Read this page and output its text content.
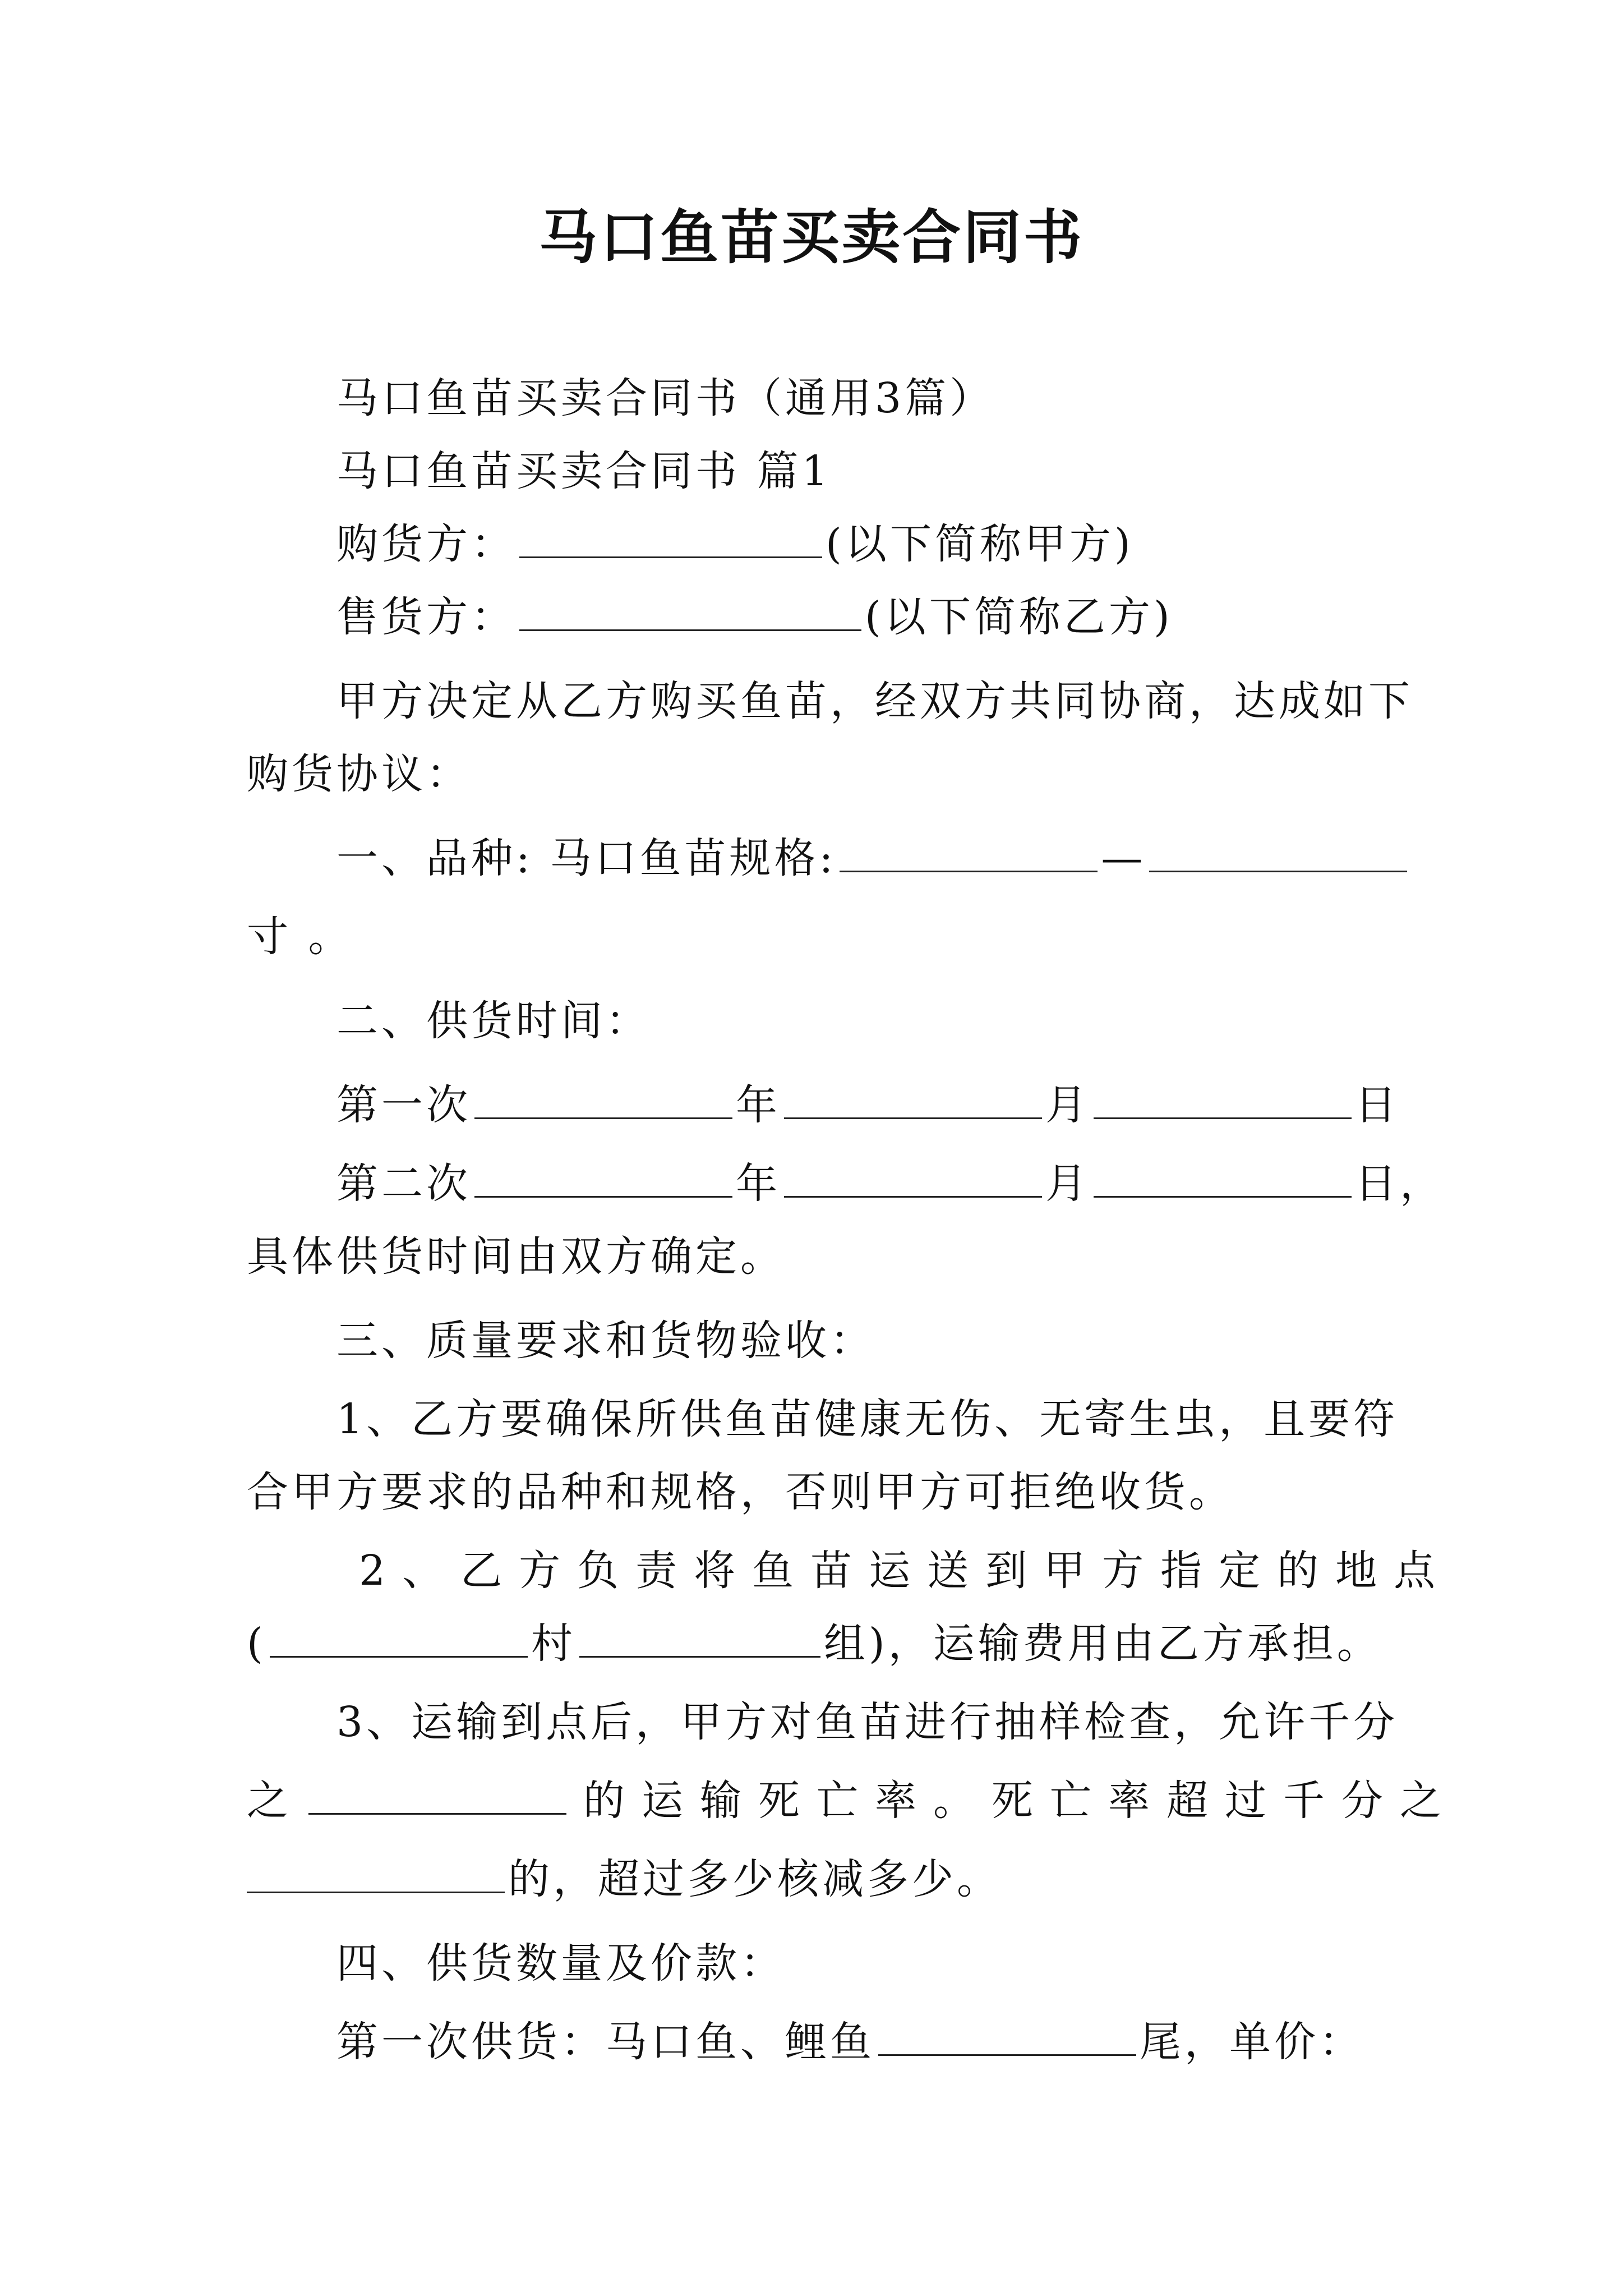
马口鱼苗买卖合同书
马口鱼苗买卖合同书（通用3篇）
马口鱼苗买卖合同书 篇1
购货方：	(以下简称甲方)
售货方：	(以下简称乙方)
甲方决定从乙方购买鱼苗，经双方共同协商，达成如下
购货协议：
一、品种: 马口鱼苗规格:	—
寸 。
二、供货时间：
第一次	年	月	日
第二次	年	月	日，
具体供货时间由双方确定。
三、质量要求和货物验收：
1、乙方要确保所供鱼苗健康无伤、无寄生虫，且要符
合甲方要求的品种和规格，否则甲方可拒绝收货。
2、乙方负责将鱼苗运送到甲方指定的地点
(	村	组)，运输费用由乙方承担。
3、运输到点后，甲方对鱼苗进行抽样检查，允许千分
之	的运输死亡率。死亡率超过千分之
的，超过多少核减多少。
四、供货数量及价款：
第一次供货：马口鱼、鲤鱼	尾，单价：
